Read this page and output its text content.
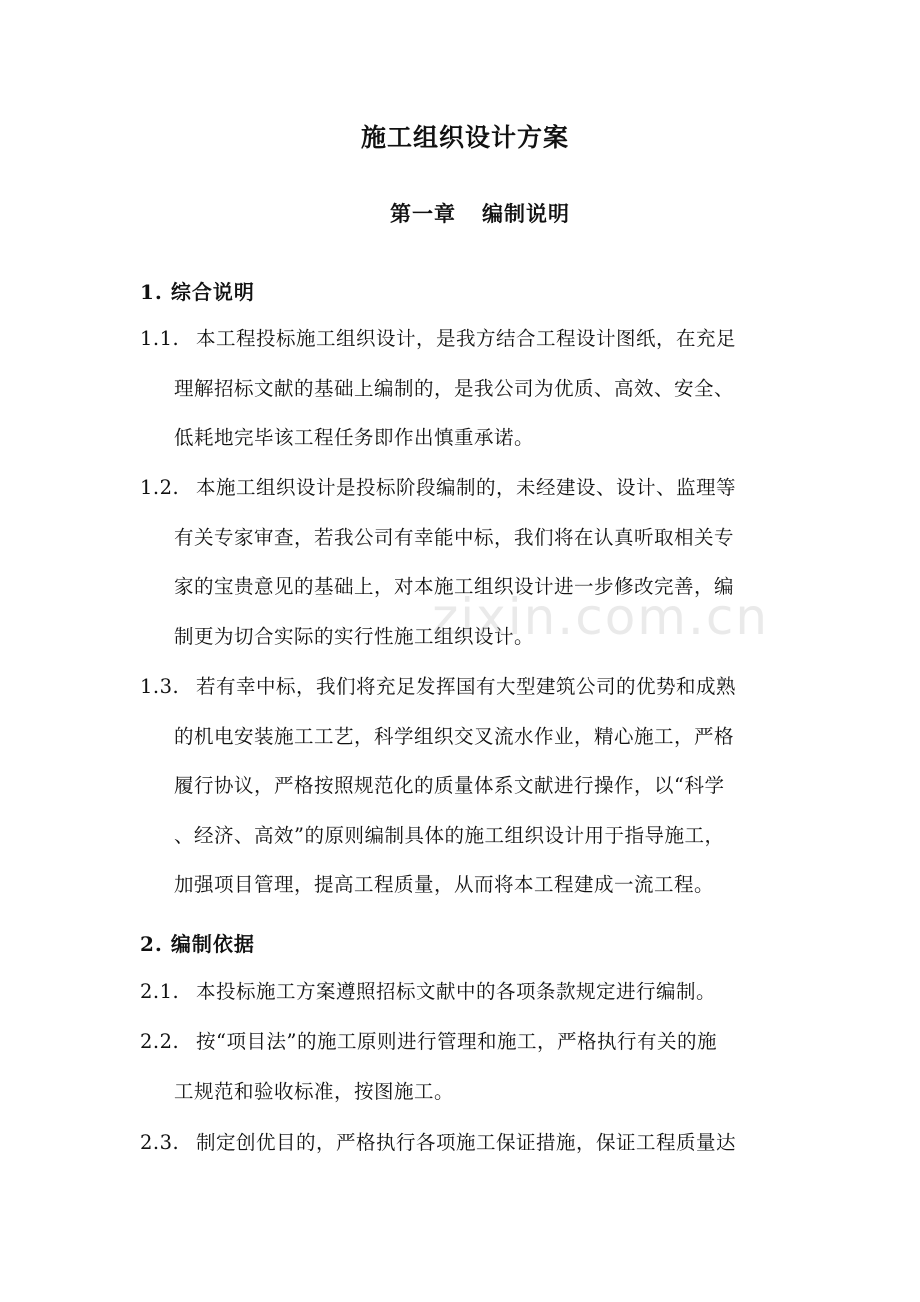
施工组织设计方案
第一章 编制说明
1. 综合说明
1.1. 本工程投标施工组织设计，是我方结合工程设计图纸，在充足
理解招标文献的基础上编制的，是我公司为优质、高效、安全、
低耗地完毕该工程任务即作出慎重承诺。
1.2. 本施工组织设计是投标阶段编制的，未经建设、设计、监理等
有关专家审查，若我公司有幸能中标，我们将在认真听取相关专
家的宝贵意见的基础上，对本施工组织设计进一步修改完善，编
制更为切合实际的实行性施工组织设计。
1.3. 若有幸中标，我们将充足发挥国有大型建筑公司的优势和成熟
的机电安装施工工艺，科学组织交叉流水作业，精心施工，严格
履行协议，严格按照规范化的质量体系文献进行操作，以“科学
、经济、高效”的原则编制具体的施工组织设计用于指导施工，
加强项目管理，提高工程质量，从而将本工程建成一流工程。
2. 编制依据
2.1. 本投标施工方案遵照招标文献中的各项条款规定进行编制。
2.2. 按“项目法”的施工原则进行管理和施工，严格执行有关的施
工规范和验收标准，按图施工。
2.3. 制定创优目的，严格执行各项施工保证措施，保证工程质量达
zixin.com.cn
